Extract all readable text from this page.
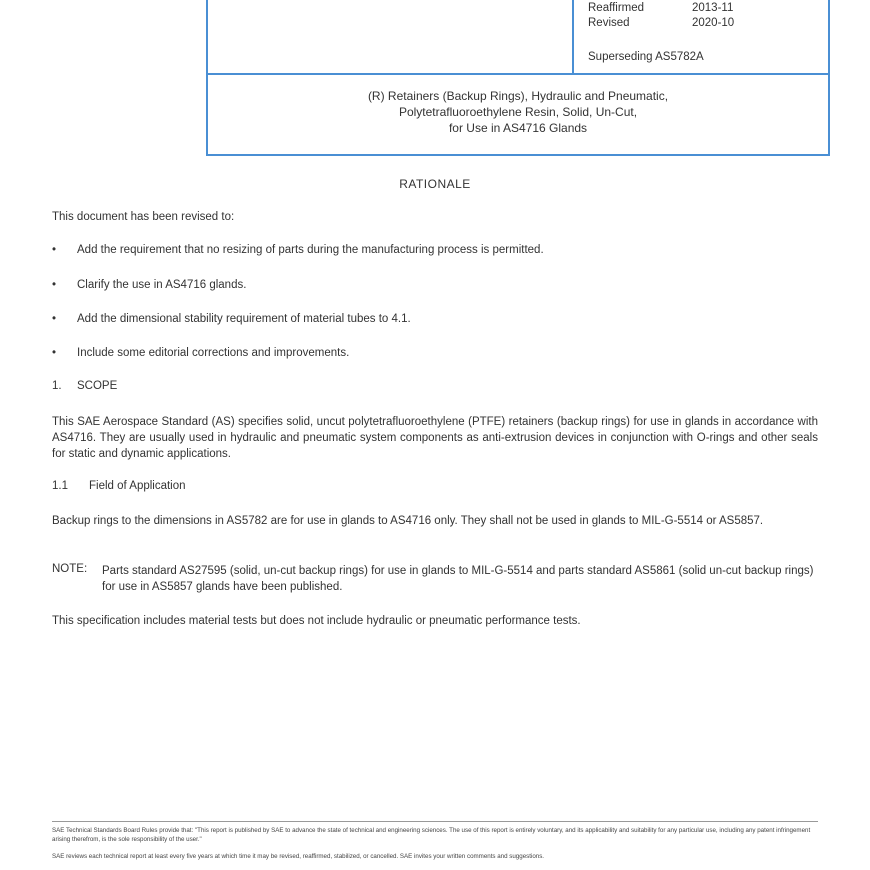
Reaffirmed	2013-11
Revised	2020-10
Superseding AS5782A
(R) Retainers (Backup Rings), Hydraulic and Pneumatic,
Polytetrafluoroethylene Resin, Solid, Un-Cut,
for Use in AS4716 Glands
RATIONALE
This document has been revised to:
• Add the requirement that no resizing of parts during the manufacturing process is permitted.
• Clarify the use in AS4716 glands.
• Add the dimensional stability requirement of material tubes to 4.1.
• Include some editorial corrections and improvements.
1. SCOPE
This SAE Aerospace Standard (AS) specifies solid, uncut polytetrafluoroethylene (PTFE) retainers (backup rings) for use in glands in accordance with AS4716. They are usually used in hydraulic and pneumatic system components as anti-extrusion devices in conjunction with O-rings and other seals for static and dynamic applications.
1.1 Field of Application
Backup rings to the dimensions in AS5782 are for use in glands to AS4716 only. They shall not be used in glands to MIL-G-5514 or AS5857.
NOTE: Parts standard AS27595 (solid, un-cut backup rings) for use in glands to MIL-G-5514 and parts standard AS5861 (solid un-cut backup rings) for use in AS5857 glands have been published.
This specification includes material tests but does not include hydraulic or pneumatic performance tests.
SAE Technical Standards Board Rules provide that: "This report is published by SAE to advance the state of technical and engineering sciences. The use of this report is entirely voluntary, and its applicability and suitability for any particular use, including any patent infringement arising therefrom, is the sole responsibility of the user."
SAE reviews each technical report at least every five years at which time it may be revised, reaffirmed, stabilized, or cancelled. SAE invites your written comments and suggestions.
